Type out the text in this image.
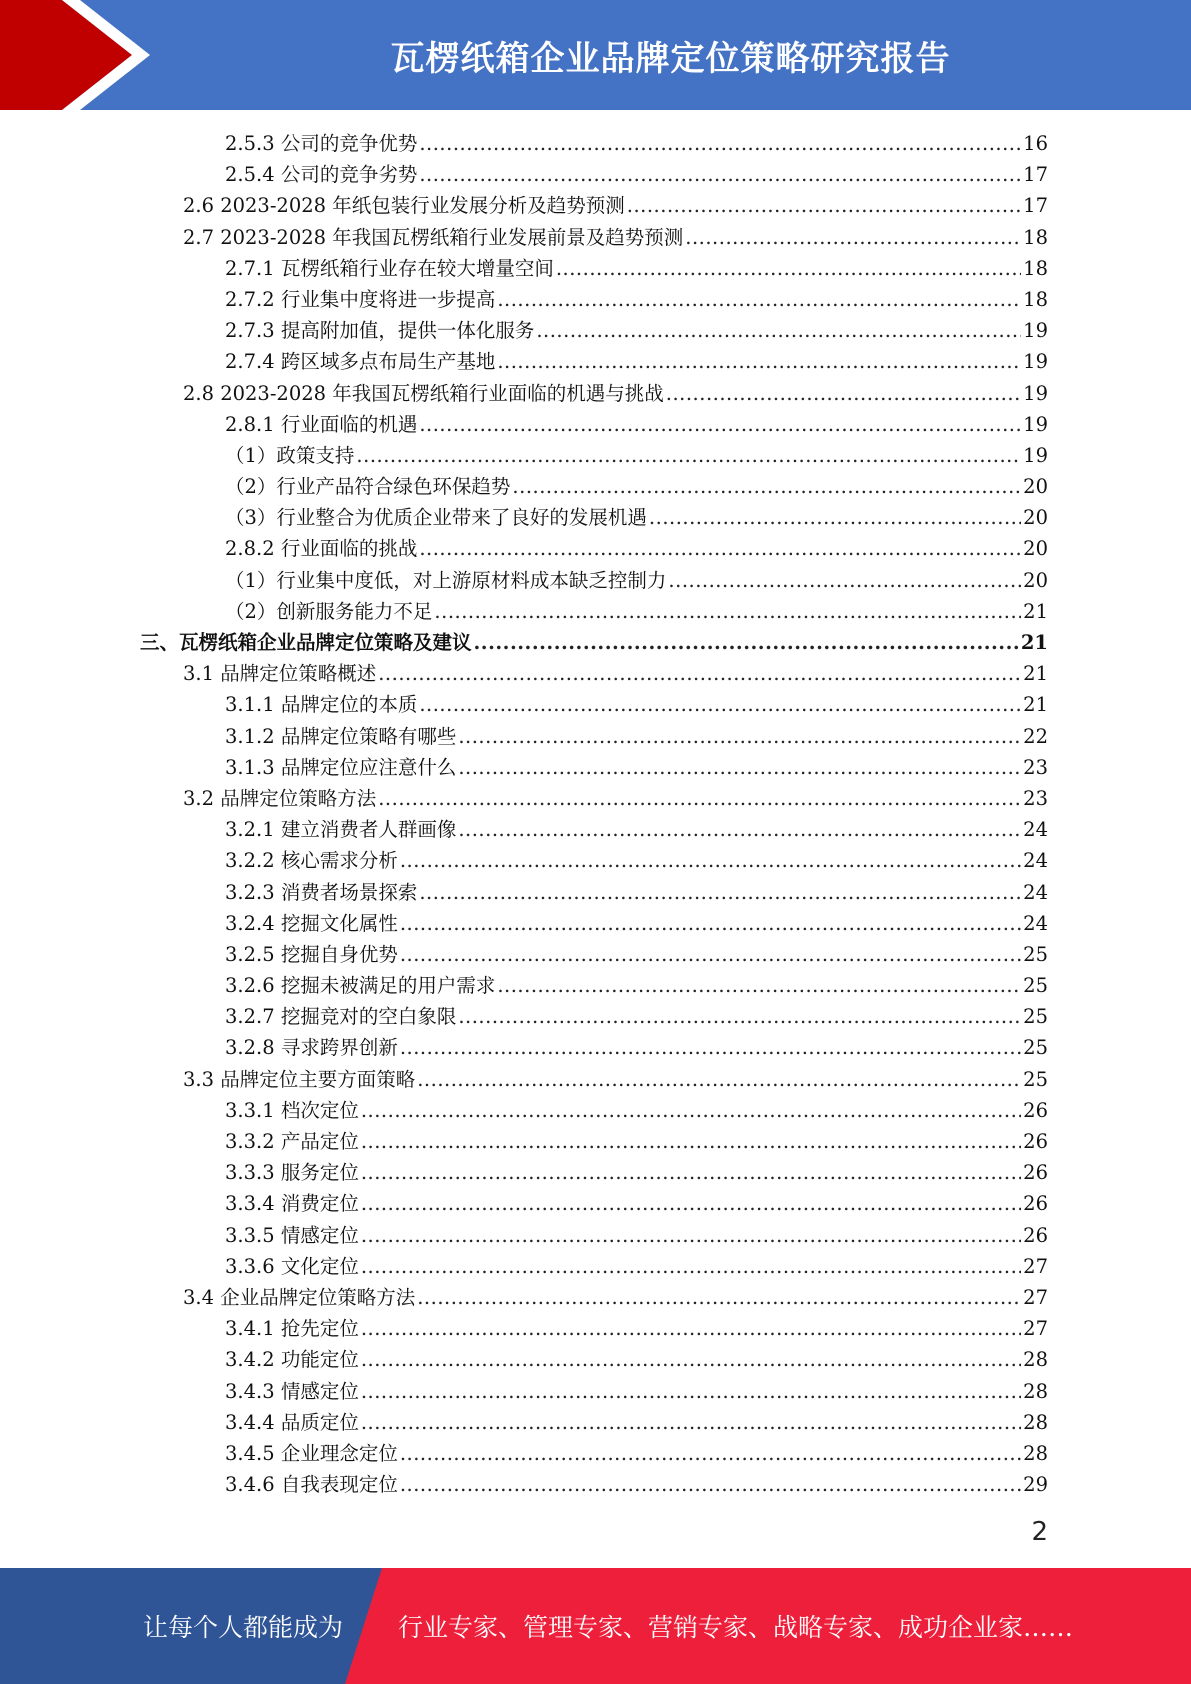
瓦楞纸箱企业品牌定位策略研究报告
2.5.3 公司的竞争优势 .....	16
2.5.4 公司的竞争劣势 .....	17
2.6 2023-2028 年纸包装行业发展分析及趋势预测 .....	17
2.7 2023-2028 年我国瓦楞纸箱行业发展前景及趋势预测 .....	18
2.7.1 瓦楞纸箱行业存在较大增量空间 .....	18
2.7.2 行业集中度将进一步提高 .....	18
2.7.3 提高附加值，提供一体化服务 .....	19
2.7.4 跨区域多点布局生产基地 .....	19
2.8 2023-2028 年我国瓦楞纸箱行业面临的机遇与挑战 .....	19
2.8.1 行业面临的机遇 .....	19
（1）政策支持 .....	19
（2）行业产品符合绿色环保趋势 .....	20
（3）行业整合为优质企业带来了良好的发展机遇 .....	20
2.8.2 行业面临的挑战 .....	20
（1）行业集中度低，对上游原材料成本缺乏控制力 .....	20
（2）创新服务能力不足 .....	21
三、瓦楞纸箱企业品牌定位策略及建议 .....	21
3.1 品牌定位策略概述 .....	21
3.1.1 品牌定位的本质 .....	21
3.1.2 品牌定位策略有哪些 .....	22
3.1.3 品牌定位应注意什么 .....	23
3.2 品牌定位策略方法 .....	23
3.2.1 建立消费者人群画像 .....	24
3.2.2 核心需求分析 .....	24
3.2.3 消费者场景探索 .....	24
3.2.4 挖掘文化属性 .....	24
3.2.5 挖掘自身优势 .....	25
3.2.6 挖掘未被满足的用户需求 .....	25
3.2.7 挖掘竞对的空白象限 .....	25
3.2.8 寻求跨界创新 .....	25
3.3 品牌定位主要方面策略 .....	25
3.3.1 档次定位 .....	26
3.3.2 产品定位 .....	26
3.3.3 服务定位 .....	26
3.3.4 消费定位 .....	26
3.3.5 情感定位 .....	26
3.3.6 文化定位 .....	27
3.4 企业品牌定位策略方法 .....	27
3.4.1 抢先定位 .....	27
3.4.2 功能定位 .....	28
3.4.3 情感定位 .....	28
3.4.4 品质定位 .....	28
3.4.5 企业理念定位 .....	28
3.4.6 自我表现定位 .....	29
2
让每个人都能成为 行业专家、管理专家、营销专家、战略专家、成功企业家……
